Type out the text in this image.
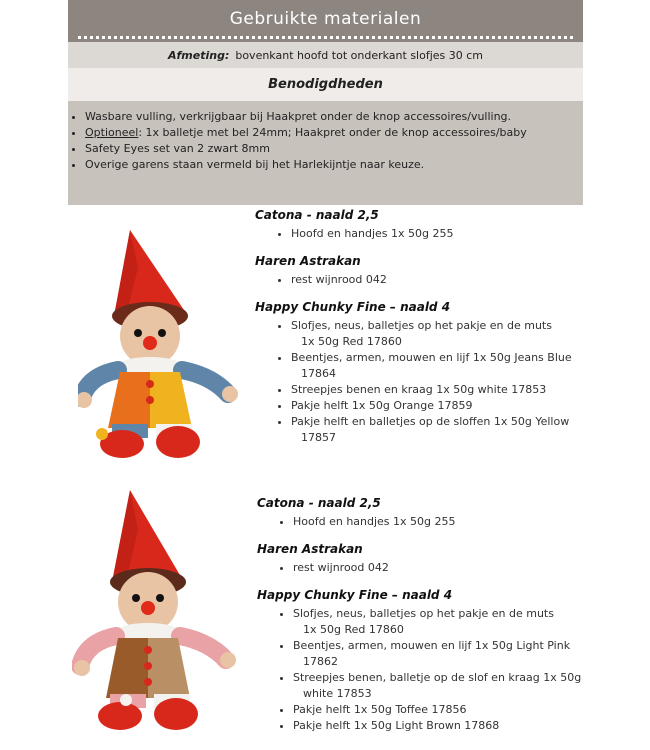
Gebruikte materialen
Afmeting: bovenkant hoofd tot onderkant slofjes 30 cm
Benodigdheden
• Wasbare vulling, verkrijgbaar bij Haakpret onder de knop accessoires/vulling.
• Optioneel: 1x balletje met bel 24mm; Haakpret onder de knop accessoires/baby
• Safety Eyes set van 2 zwart 8mm
• Overige garens staan vermeld bij het Harlekijntje naar keuze.
Catona - naald 2,5
• Hoofd en handjes 1x 50g 255
Haren Astrakan
• rest wijnrood 042
Happy Chunky Fine – naald 4
• Slofjes, neus, balletjes op het pakje en de muts
1x 50g Red 17860
• Beentjes, armen, mouwen en lijf 1x 50g Jeans Blue
17864
• Streepjes benen en kraag 1x 50g white 17853
• Pakje helft 1x 50g Orange 17859
• Pakje helft en balletjes op de sloffen 1x 50g Yellow
17857
Catona - naald 2,5
• Hoofd en handjes 1x 50g 255
Haren Astrakan
• rest wijnrood 042
Happy Chunky Fine – naald 4
• Slofjes, neus, balletjes op het pakje en de muts
1x 50g Red 17860
• Beentjes, armen, mouwen en lijf 1x 50g Light Pink
17862
• Streepjes benen, balletje op de slof en kraag 1x 50g
white 17853
• Pakje helft 1x 50g Toffee 17856
• Pakje helft 1x 50g Light Brown 17868
